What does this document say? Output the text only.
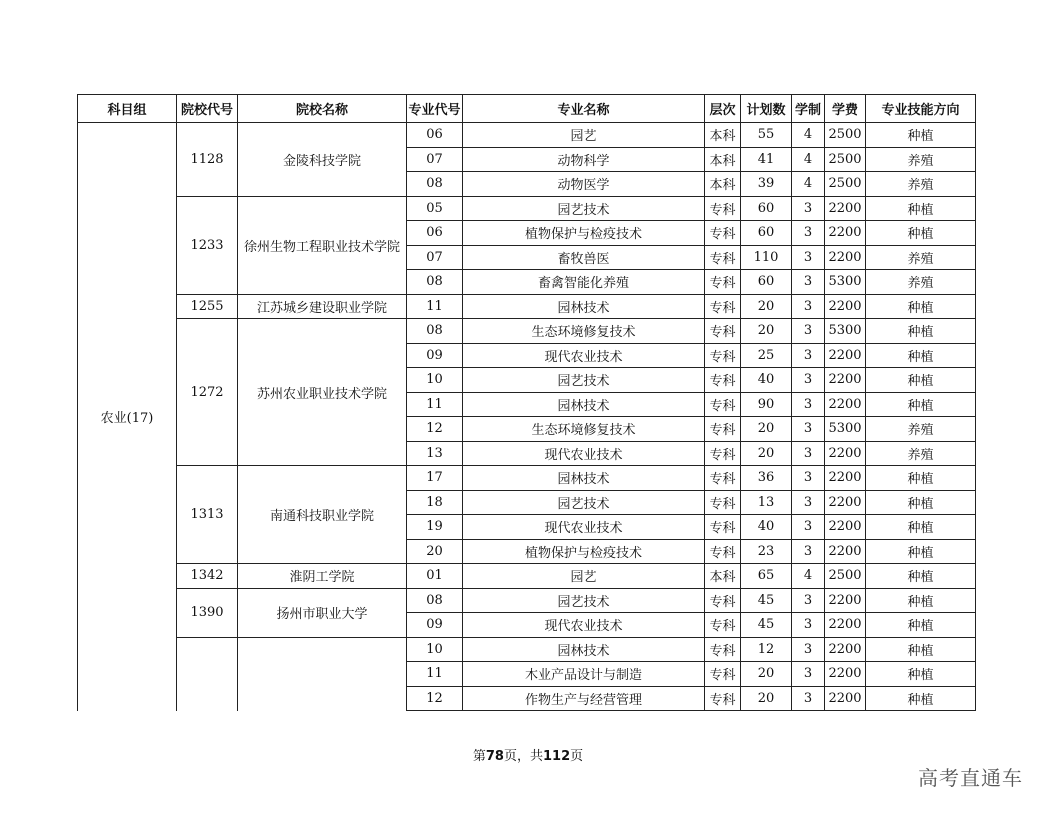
科目组	院校代号	院校名称	专业代号	专业名称	层次	计划数	学制	学费	专业技能方向
农业(17)	1128	金陵科技学院	06	园艺	本科	55	4	2500	种植
			07	动物科学	本科	41	4	2500	养殖
			08	动物医学	本科	39	4	2500	养殖
	1233	徐州生物工程职业技术学院	05	园艺技术	专科	60	3	2200	种植
			06	植物保护与检疫技术	专科	60	3	2200	种植
			07	畜牧兽医	专科	110	3	2200	养殖
			08	畜禽智能化养殖	专科	60	3	5300	养殖
	1255	江苏城乡建设职业学院	11	园林技术	专科	20	3	2200	种植
	1272	苏州农业职业技术学院	08	生态环境修复技术	专科	20	3	5300	种植
			09	现代农业技术	专科	25	3	2200	种植
			10	园艺技术	专科	40	3	2200	种植
			11	园林技术	专科	90	3	2200	种植
			12	生态环境修复技术	专科	20	3	5300	养殖
			13	现代农业技术	专科	20	3	2200	养殖
	1313	南通科技职业学院	17	园林技术	专科	36	3	2200	种植
			18	园艺技术	专科	13	3	2200	种植
			19	现代农业技术	专科	40	3	2200	种植
			20	植物保护与检疫技术	专科	23	3	2200	种植
	1342	淮阴工学院	01	园艺	本科	65	4	2500	种植
	1390	扬州市职业大学	08	园艺技术	专科	45	3	2200	种植
			09	现代农业技术	专科	45	3	2200	种植
			10	园林技术	专科	12	3	2200	种植
			11	木业产品设计与制造	专科	20	3	2200	种植
			12	作物生产与经营管理	专科	20	3	2200	种植
第78页，共112页
高考直通车
